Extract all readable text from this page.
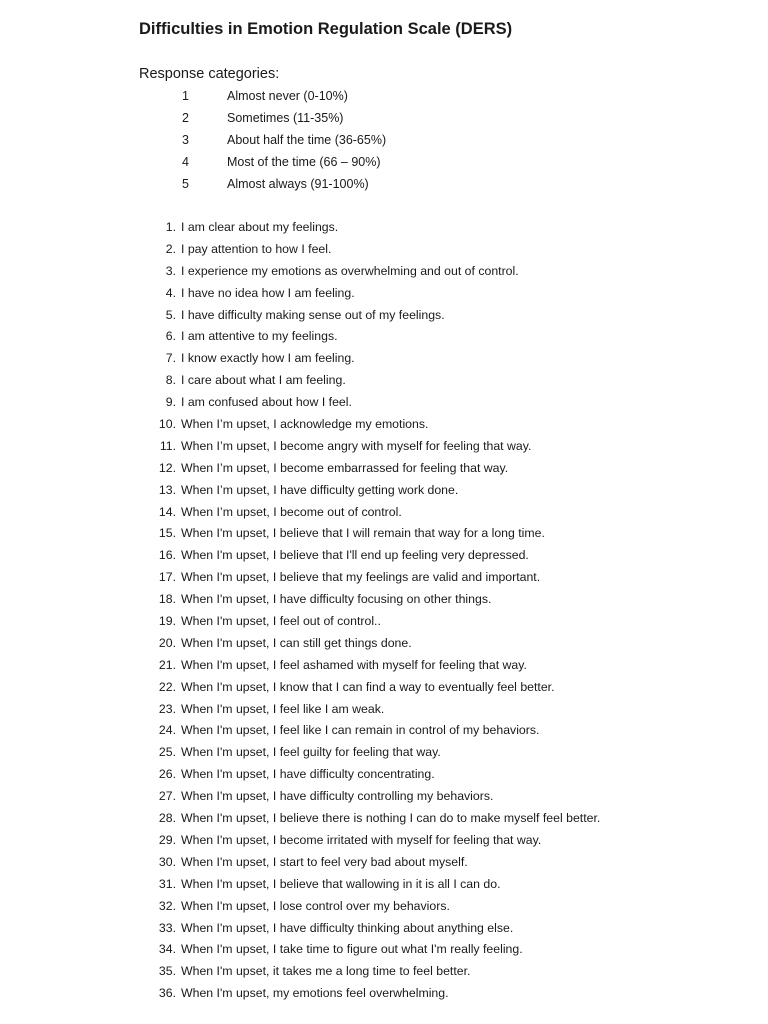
Difficulties in Emotion Regulation Scale (DERS)
Response categories:
1	Almost never (0-10%)
2	Sometimes (11-35%)
3	About half the time (36-65%)
4	Most of the time (66 – 90%)
5	Almost always (91-100%)
1. I am clear about my feelings.
2. I pay attention to how I feel.
3. I experience my emotions as overwhelming and out of control.
4. I have no idea how I am feeling.
5. I have difficulty making sense out of my feelings.
6. I am attentive to my feelings.
7. I know exactly how I am feeling.
8. I care about what I am feeling.
9. I am confused about how I feel.
10. When I’m upset, I acknowledge my emotions.
11. When I’m upset, I become angry with myself for feeling that way.
12. When I’m upset, I become embarrassed for feeling that way.
13. When I’m upset, I have difficulty getting work done.
14. When I’m upset, I become out of control.
15. When I'm upset, I believe that I will remain that way for a long time.
16. When I'm upset, I believe that I'll end up feeling very depressed.
17. When I'm upset, I believe that my feelings are valid and important.
18. When I'm upset, I have difficulty focusing on other things.
19. When I'm upset, I feel out of control..
20. When I'm upset, I can still get things done.
21. When I'm upset, I feel ashamed with myself for feeling that way.
22. When I'm upset, I know that I can find a way to eventually feel better.
23. When I'm upset, I feel like I am weak.
24. When I'm upset, I feel like I can remain in control of my behaviors.
25. When I'm upset, I feel guilty for feeling that way.
26. When I'm upset, I have difficulty concentrating.
27. When I'm upset, I have difficulty controlling my behaviors.
28. When I'm upset, I believe there is nothing I can do to make myself feel better.
29. When I'm upset, I become irritated with myself for feeling that way.
30. When I'm upset, I start to feel very bad about myself.
31. When I'm upset, I believe that wallowing in it is all I can do.
32. When I'm upset, I lose control over my behaviors.
33. When I'm upset, I have difficulty thinking about anything else.
34. When I'm upset, I take time to figure out what I'm really feeling.
35. When I'm upset, it takes me a long time to feel better.
36. When I'm upset, my emotions feel overwhelming.
